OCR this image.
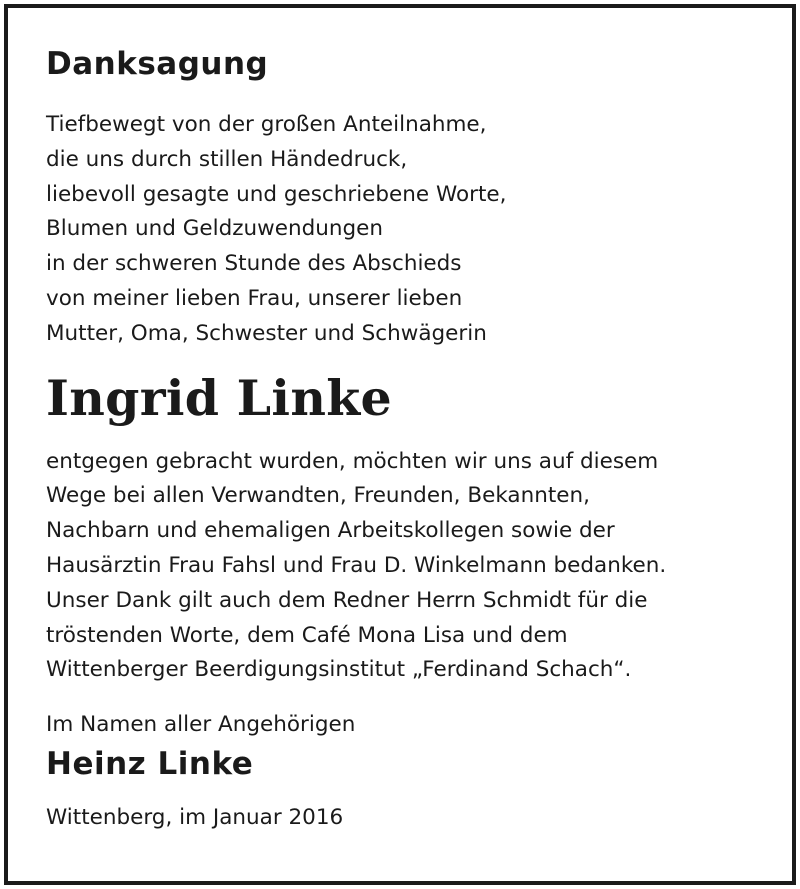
Danksagung

Tiefbewegt von der großen Anteilnahme,
die uns durch stillen Händedruck,
liebevoll gesagte und geschriebene Worte,
Blumen und Geldzuwendungen
in der schweren Stunde des Abschieds
von meiner lieben Frau, unserer lieben
Mutter, Oma, Schwester und Schwägerin

Ingrid Linke

entgegen gebracht wurden, möchten wir uns auf diesem
Wege bei allen Verwandten, Freunden, Bekannten,
Nachbarn und ehemaligen Arbeitskollegen sowie der
Hausärztin Frau Fahsl und Frau D. Winkelmann bedanken.
Unser Dank gilt auch dem Redner Herrn Schmidt für die
tröstenden Worte, dem Café Mona Lisa und dem
Wittenberger Beerdigungsinstitut „Ferdinand Schach“.

Im Namen aller Angehörigen

Heinz Linke

Wittenberg, im Januar 2016
